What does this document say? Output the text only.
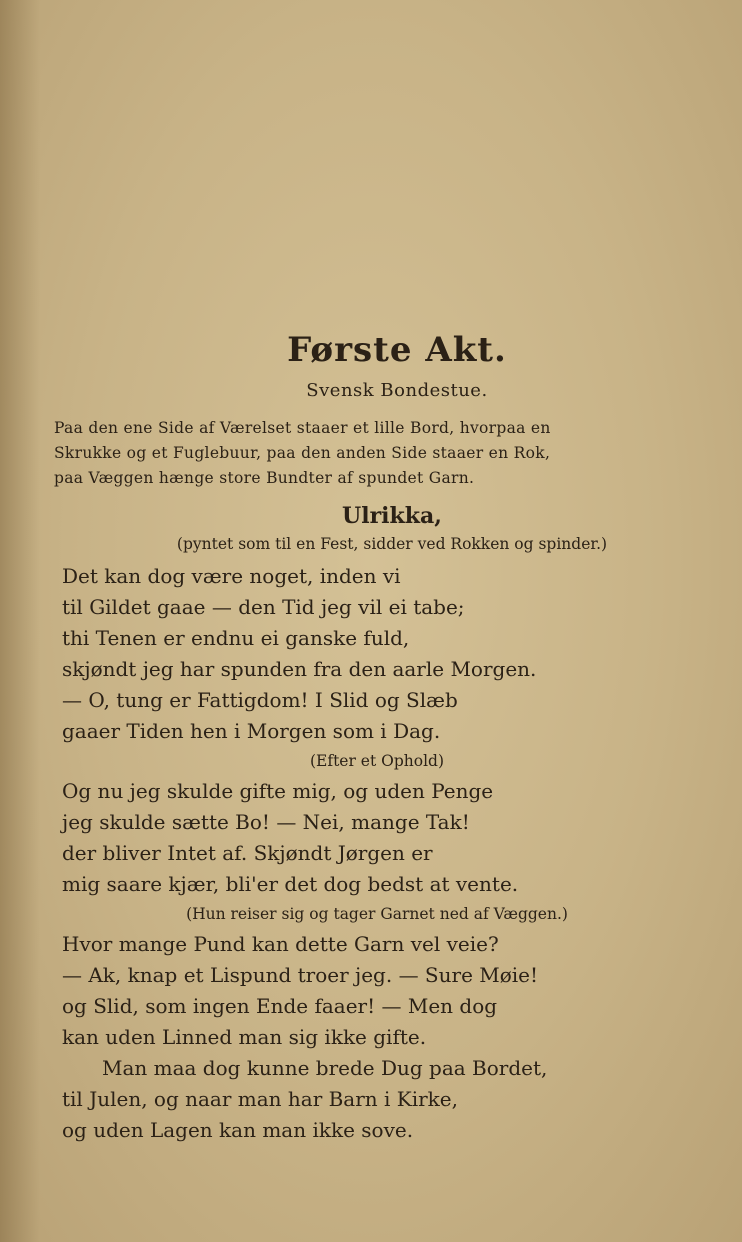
Første Akt.
Svensk Bondestue.
Paa den ene Side af Værelset staaer et lille Bord, hvorpaa en
Skrukke og et Fuglebuur, paa den anden Side staaer en Rok,
paa Væggen hænge store Bundter af spundet Garn.
Ulrikka,
(pyntet som til en Fest, sidder ved Rokken og spinder.)
Det kan dog være noget, inden vi
til Gildet gaae — den Tid jeg vil ei tabe;
thi Tenen er endnu ei ganske fuld,
skjøndt jeg har spunden fra den aarle Morgen.
— O, tung er Fattigdom! I Slid og Slæb
gaaer Tiden hen i Morgen som i Dag.
(Efter et Ophold)
Og nu jeg skulde gifte mig, og uden Penge
jeg skulde sætte Bo! — Nei, mange Tak!
der bliver Intet af. Skjøndt Jørgen er
mig saare kjær, bli'er det dog bedst at vente.
(Hun reiser sig og tager Garnet ned af Væggen.)
Hvor mange Pund kan dette Garn vel veie?
— Ak, knap et Lispund troer jeg. — Sure Møie!
og Slid, som ingen Ende faaer! — Men dog
kan uden Linned man sig ikke gifte.
Man maa dog kunne brede Dug paa Bordet,
til Julen, og naar man har Barn i Kirke,
og uden Lagen kan man ikke sove.
